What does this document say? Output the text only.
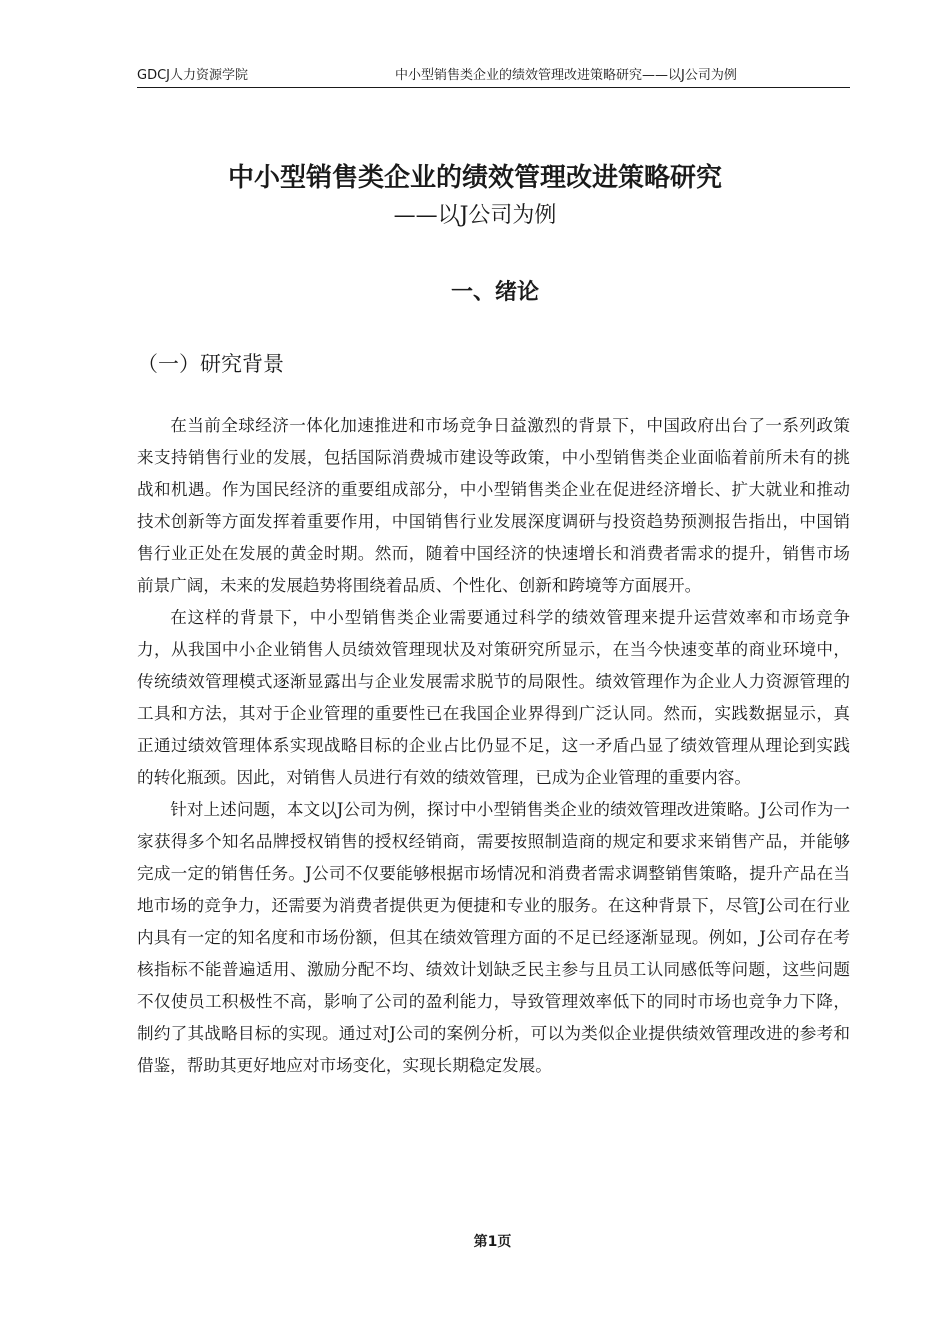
GDCJ人力资源学院	中小型销售类企业的绩效管理改进策略研究——以J公司为例
中小型销售类企业的绩效管理改进策略研究
——以J公司为例
一、绪论
（一）研究背景

在当前全球经济一体化加速推进和市场竞争日益激烈的背景下，中国政府出台了一系列政策来支持销售行业的发展，包括国际消费城市建设等政策，中小型销售类企业面临着前所未有的挑战和机遇。作为国民经济的重要组成部分，中小型销售类企业在促进经济增长、扩大就业和推动技术创新等方面发挥着重要作用，中国销售行业发展深度调研与投资趋势预测报告指出，中国销售行业正处在发展的黄金时期。然而，随着中国经济的快速增长和消费者需求的提升，销售市场前景广阔，未来的发展趋势将围绕着品质、个性化、创新和跨境等方面展开。

在这样的背景下，中小型销售类企业需要通过科学的绩效管理来提升运营效率和市场竞争力，从我国中小企业销售人员绩效管理现状及对策研究所显示，在当今快速变革的商业环境中，传统绩效管理模式逐渐显露出与企业发展需求脱节的局限性。绩效管理作为企业人力资源管理的工具和方法，其对于企业管理的重要性已在我国企业界得到广泛认同。然而，实践数据显示，真正通过绩效管理体系实现战略目标的企业占比仍显不足，这一矛盾凸显了绩效管理从理论到实践的转化瓶颈。因此，对销售人员进行有效的绩效管理，已成为企业管理的重要内容。

针对上述问题，本文以J公司为例，探讨中小型销售类企业的绩效管理改进策略。J公司作为一家获得多个知名品牌授权销售的授权经销商，需要按照制造商的规定和要求来销售产品，并能够完成一定的销售任务。J公司不仅要能够根据市场情况和消费者需求调整销售策略，提升产品在当地市场的竞争力，还需要为消费者提供更为便捷和专业的服务。在这种背景下，尽管J公司在行业内具有一定的知名度和市场份额，但其在绩效管理方面的不足已经逐渐显现。例如，J公司存在考核指标不能普遍适用、激励分配不均、绩效计划缺乏民主参与且员工认同感低等问题，这些问题不仅使员工积极性不高，影响了公司的盈利能力，导致管理效率低下的同时市场也竞争力下降，制约了其战略目标的实现。通过对J公司的案例分析，可以为类似企业提供绩效管理改进的参考和借鉴，帮助其更好地应对市场变化，实现长期稳定发展。

第1页
